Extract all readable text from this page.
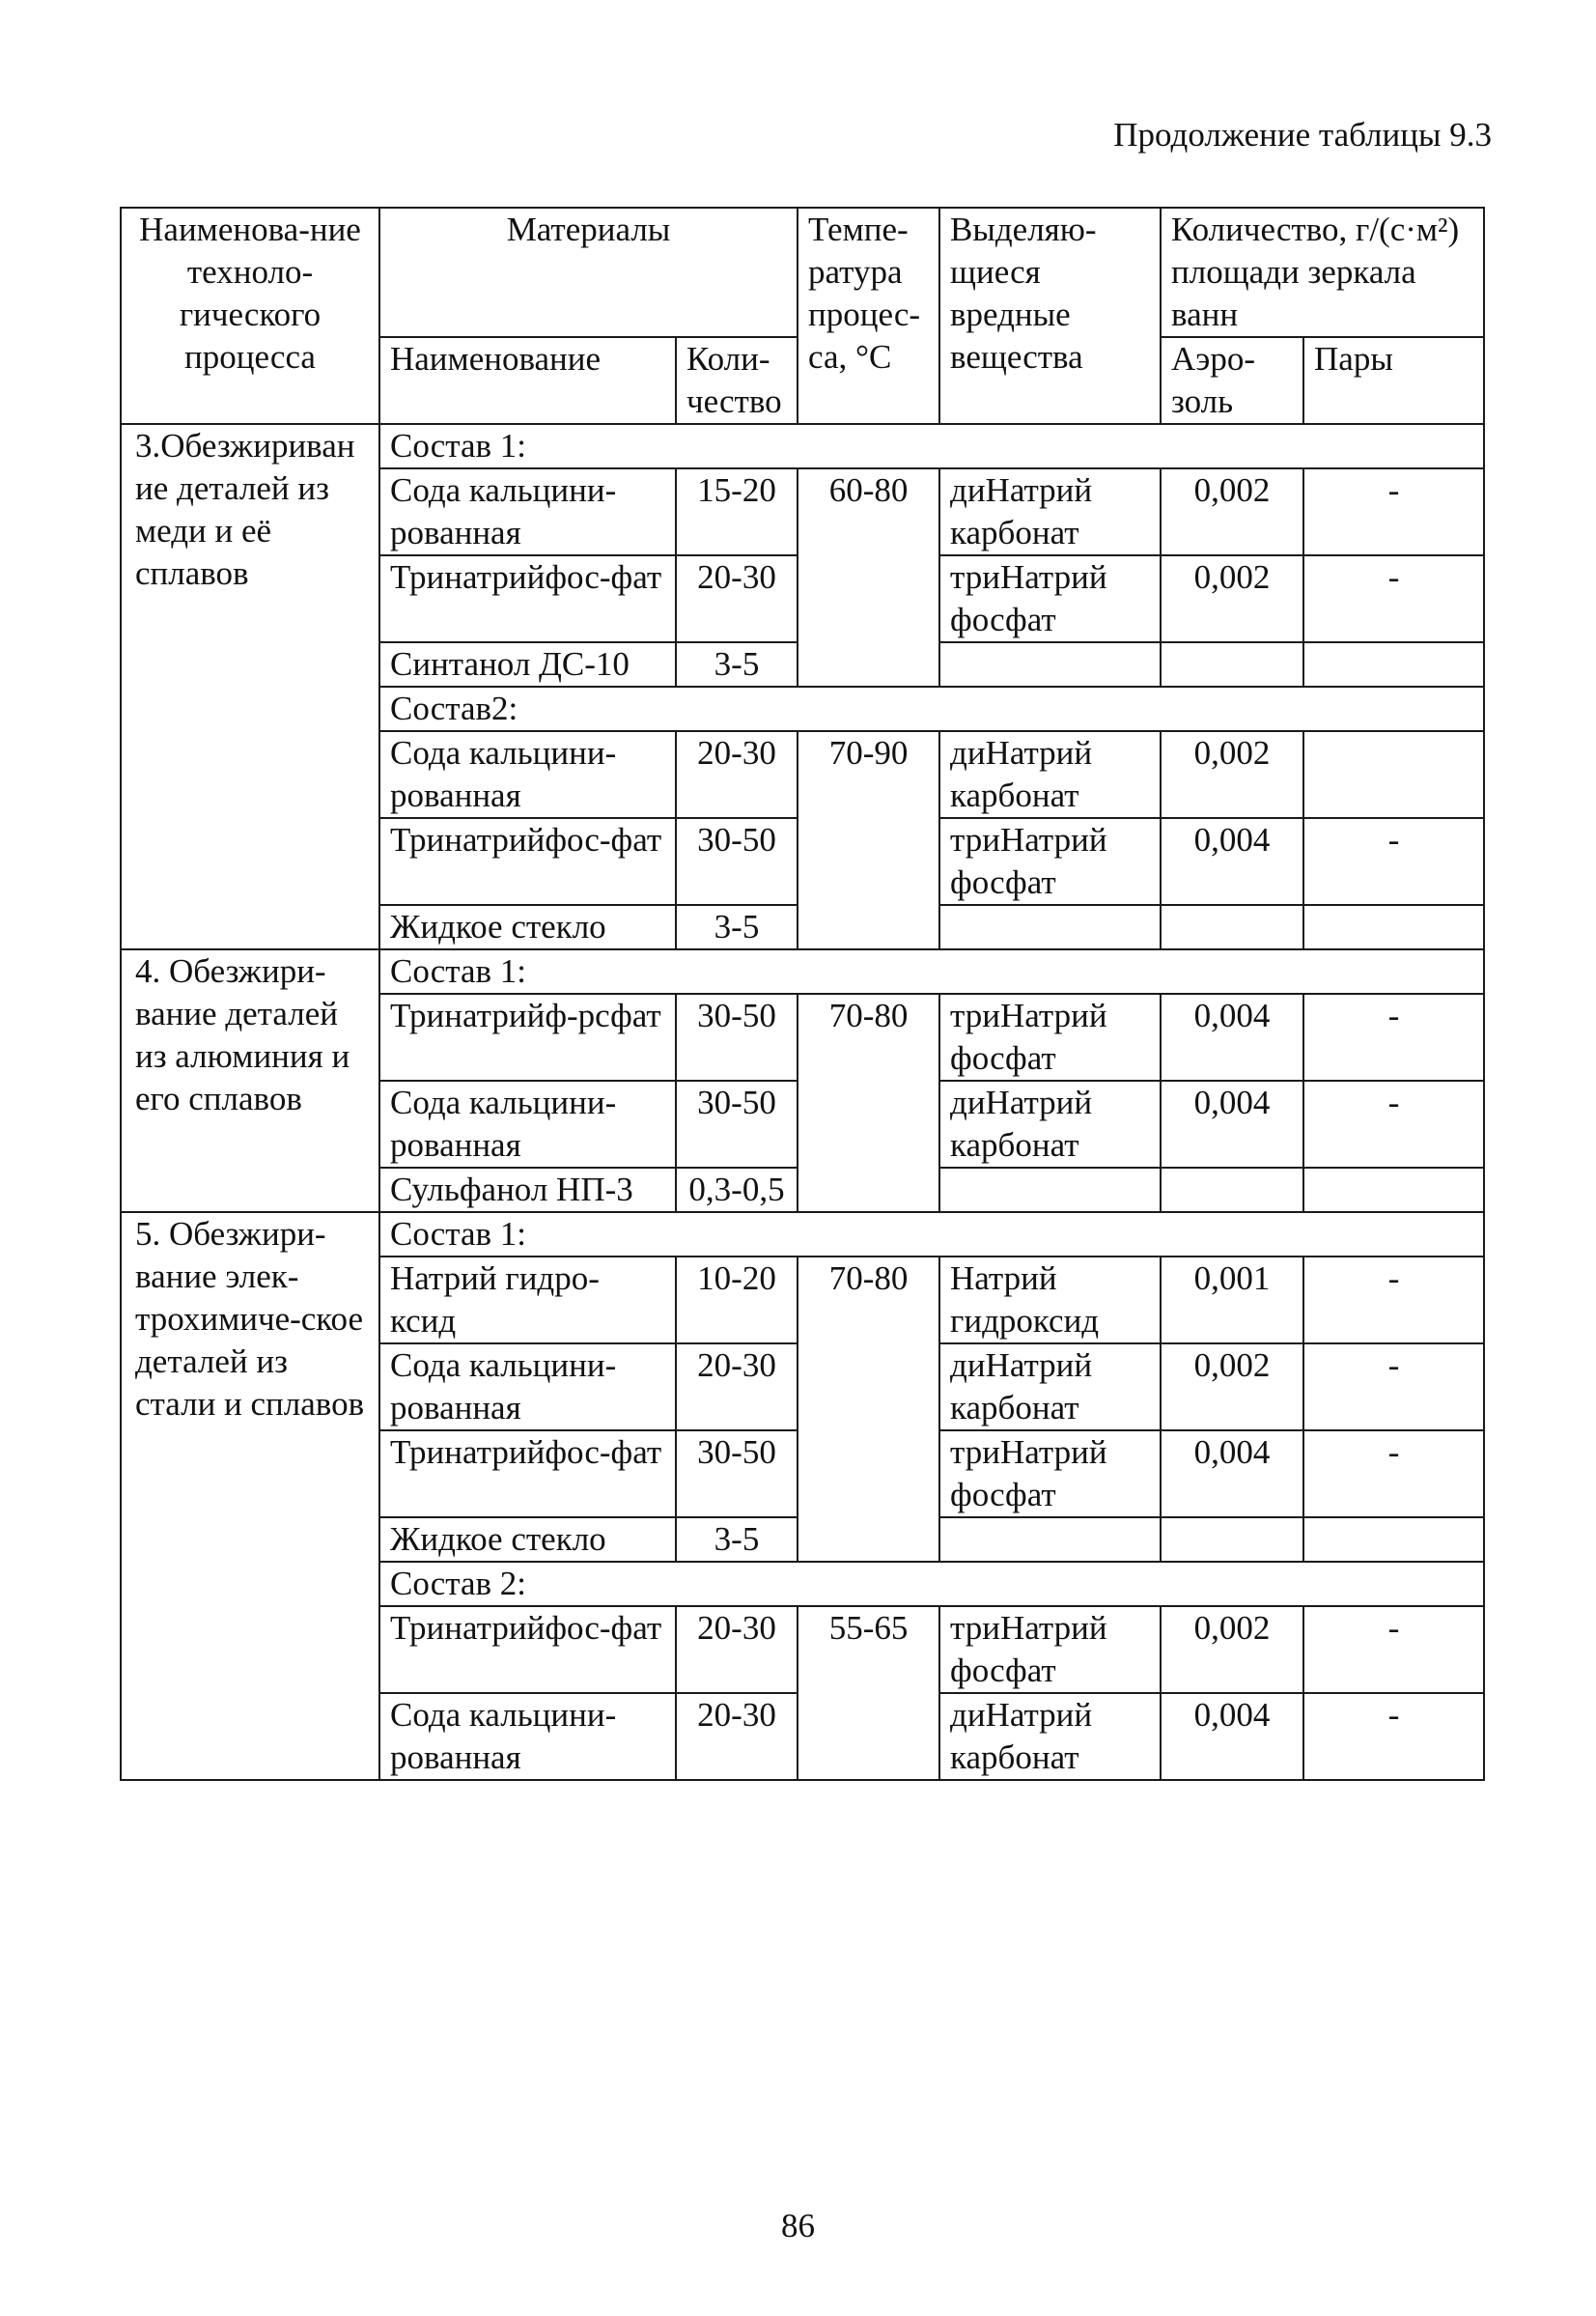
Продолжение таблицы 9.3
Наименова-ние техноло-гического процесса	Материалы		Темпе-ратура процес-са, °С	Выделяю-щиеся вредные вещества	Количество, г/(с·м²) площади зеркала ванн	
	Наименование	Коли-чество			Аэро-золь	Пары
3.Обезжиривание деталей из меди и её сплавов	Состав 1:					
	Сода кальцини-рованная	15-20	60-80	диНатрий карбонат	0,002	-
	Тринатрийфос-фат	20-30		триНатрий фосфат	0,002	-
	Синтанол ДС-10	3-5				
	Состав2:					
	Сода кальцини-рованная	20-30	70-90	диНатрий карбонат	0,002	
	Тринатрийфос-фат	30-50		триНатрий фосфат	0,004	-
	Жидкое стекло	3-5				
4. Обезжири-вание деталей из алюминия и его сплавов	Состав 1:					
	Тринатрийф-рсфат	30-50	70-80	триНатрий фосфат	0,004	-
	Сода кальцини-рованная	30-50		диНатрий карбонат	0,004	-
	Сульфанол НП-3	0,3-0,5				
5. Обезжири-вание элек-трохимиче-ское деталей из стали и сплавов	Состав 1:					
	Натрий гидро-ксид	10-20	70-80	Натрий гидроксид	0,001	-
	Сода кальцини-рованная	20-30		диНатрий карбонат	0,002	-
	Тринатрийфос-фат	30-50		триНатрий фосфат	0,004	-
	Жидкое стекло	3-5				
	Состав 2:					
	Тринатрийфос-фат	20-30	55-65	триНатрий фосфат	0,002	-
	Сода кальцини-рованная	20-30		диНатрий карбонат	0,004	-
86
